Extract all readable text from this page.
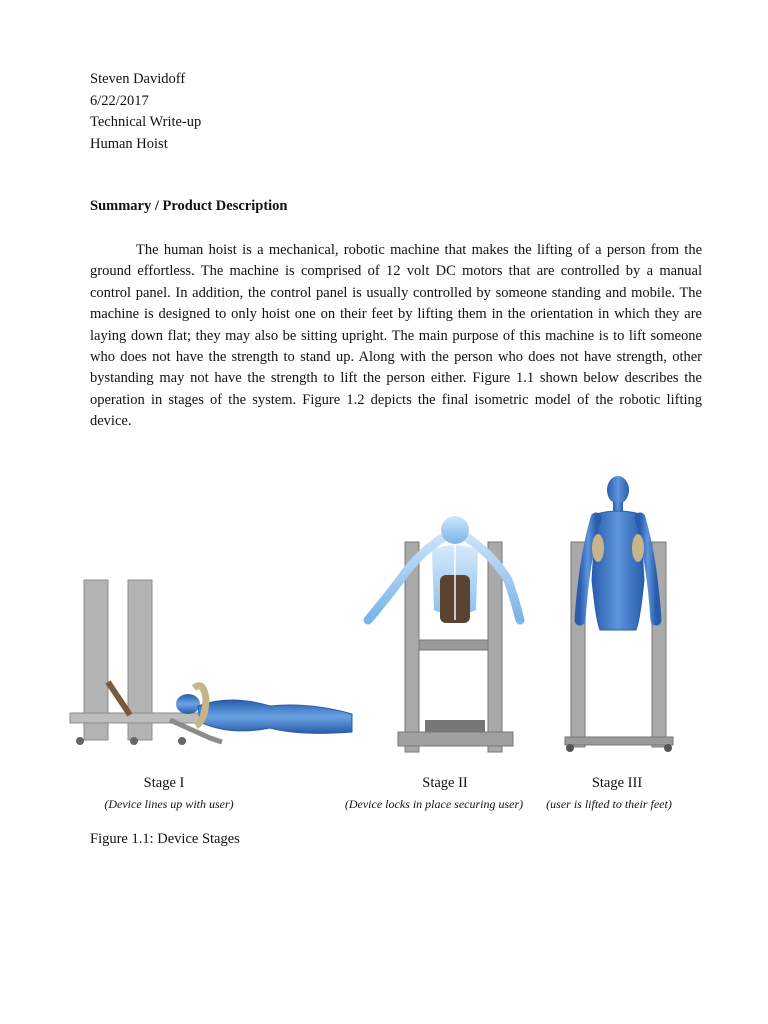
Steven Davidoff
6/22/2017
Technical Write-up
Human Hoist
Summary / Product Description

The human hoist is a mechanical, robotic machine that makes the lifting of a person from the ground effortless. The machine is comprised of 12 volt DC motors that are controlled by a manual control panel. In addition, the control panel is usually controlled by someone standing and mobile. The machine is designed to only hoist one on their feet by lifting them in the orientation in which they are laying down flat; they may also be sitting upright. The main purpose of this machine is to lift someone who does not have the strength to stand up. Along with the person who does not have strength, other bystanding may not have the strength to lift the person either. Figure 1.1 shown below describes the operation in stages of the system. Figure 1.2 depicts the final isometric model of the robotic lifting device.

Stage I
(Device lines up with user)
Stage II
(Device locks in place securing user)
Stage III
(user is lifted to their feet)
Figure 1.1: Device Stages
